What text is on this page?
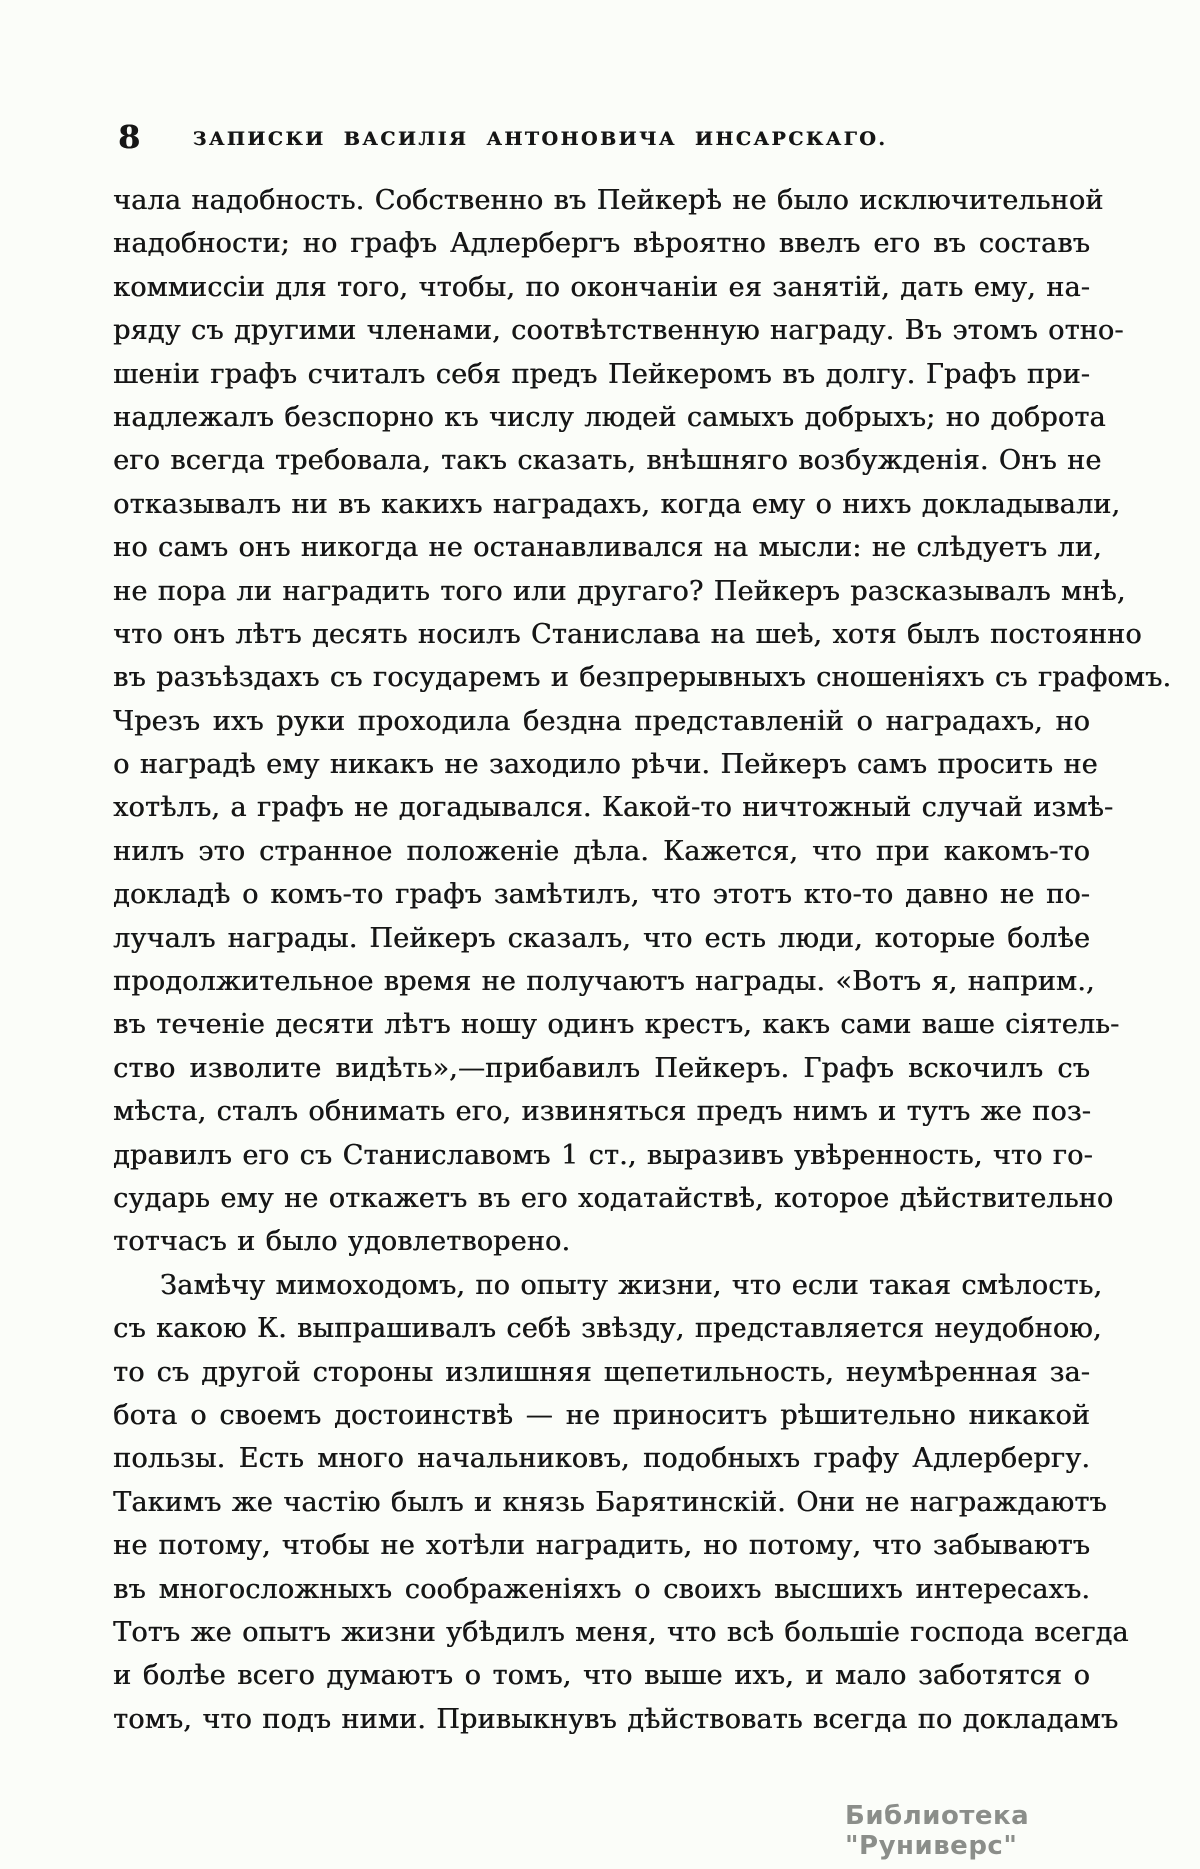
8	ЗАПИСКИ ВАСИЛІЯ АНТОНОВИЧА ИНСАРСКАГО.
чала надобность. Собственно въ Пейкерѣ не было исключительной
надобности; но графъ Адлербергъ вѣроятно ввелъ его въ составъ
коммиссіи для того, чтобы, по окончаніи ея занятій, дать ему, на-
ряду съ другими членами, соотвѣтственную награду. Въ этомъ отно-
шеніи графъ считалъ себя предъ Пейкеромъ въ долгу. Графъ при-
надлежалъ безспорно къ числу людей самыхъ добрыхъ; но доброта
его всегда требовала, такъ сказать, внѣшняго возбужденія. Онъ не
отказывалъ ни въ какихъ наградахъ, когда ему о нихъ докладывали,
но самъ онъ никогда не останавливался на мысли: не слѣдуетъ ли,
не пора ли наградить того или другаго? Пейкеръ разсказывалъ мнѣ,
что онъ лѣтъ десять носилъ Станислава на шеѣ, хотя былъ постоянно
въ разъѣздахъ съ государемъ и безпрерывныхъ сношеніяхъ съ графомъ.
Чрезъ ихъ руки проходила бездна представленій о наградахъ, но
о наградѣ ему никакъ не заходило рѣчи. Пейкеръ самъ просить не
хотѣлъ, а графъ не догадывался. Какой-то ничтожный случай измѣ-
нилъ это странное положеніе дѣла. Кажется, что при какомъ-то
докладѣ о комъ-то графъ замѣтилъ, что этотъ кто-то давно не по-
лучалъ награды. Пейкеръ сказалъ, что есть люди, которые болѣе
продолжительное время не получаютъ награды. «Вотъ я, наприм.,
въ теченіе десяти лѣтъ ношу одинъ крестъ, какъ сами ваше сіятель-
ство изволите видѣть»,—прибавилъ Пейкеръ. Графъ вскочилъ съ
мѣста, сталъ обнимать его, извиняться предъ нимъ и тутъ же поз-
дравилъ его съ Станиславомъ 1 ст., выразивъ увѣренность, что го-
сударь ему не откажетъ въ его ходатайствѣ, которое дѣйствительно
тотчасъ и было удовлетворено.
Замѣчу мимоходомъ, по опыту жизни, что если такая смѣлость,
съ какою К. выпрашивалъ себѣ звѣзду, представляется неудобною,
то съ другой стороны излишняя щепетильность, неумѣренная за-
бота о своемъ достоинствѣ — не приноситъ рѣшительно никакой
пользы. Есть много начальниковъ, подобныхъ графу Адлербергу.
Такимъ же частію былъ и князь Барятинскій. Они не награждаютъ
не потому, чтобы не хотѣли наградить, но потому, что забываютъ
въ многосложныхъ соображеніяхъ о своихъ высшихъ интересахъ.
Тотъ же опытъ жизни убѣдилъ меня, что всѣ большіе господа всегда
и болѣе всего думаютъ о томъ, что выше ихъ, и мало заботятся о
томъ, что подъ ними. Привыкнувъ дѣйствовать всегда по докладамъ
Библиотека "Руниверс"
